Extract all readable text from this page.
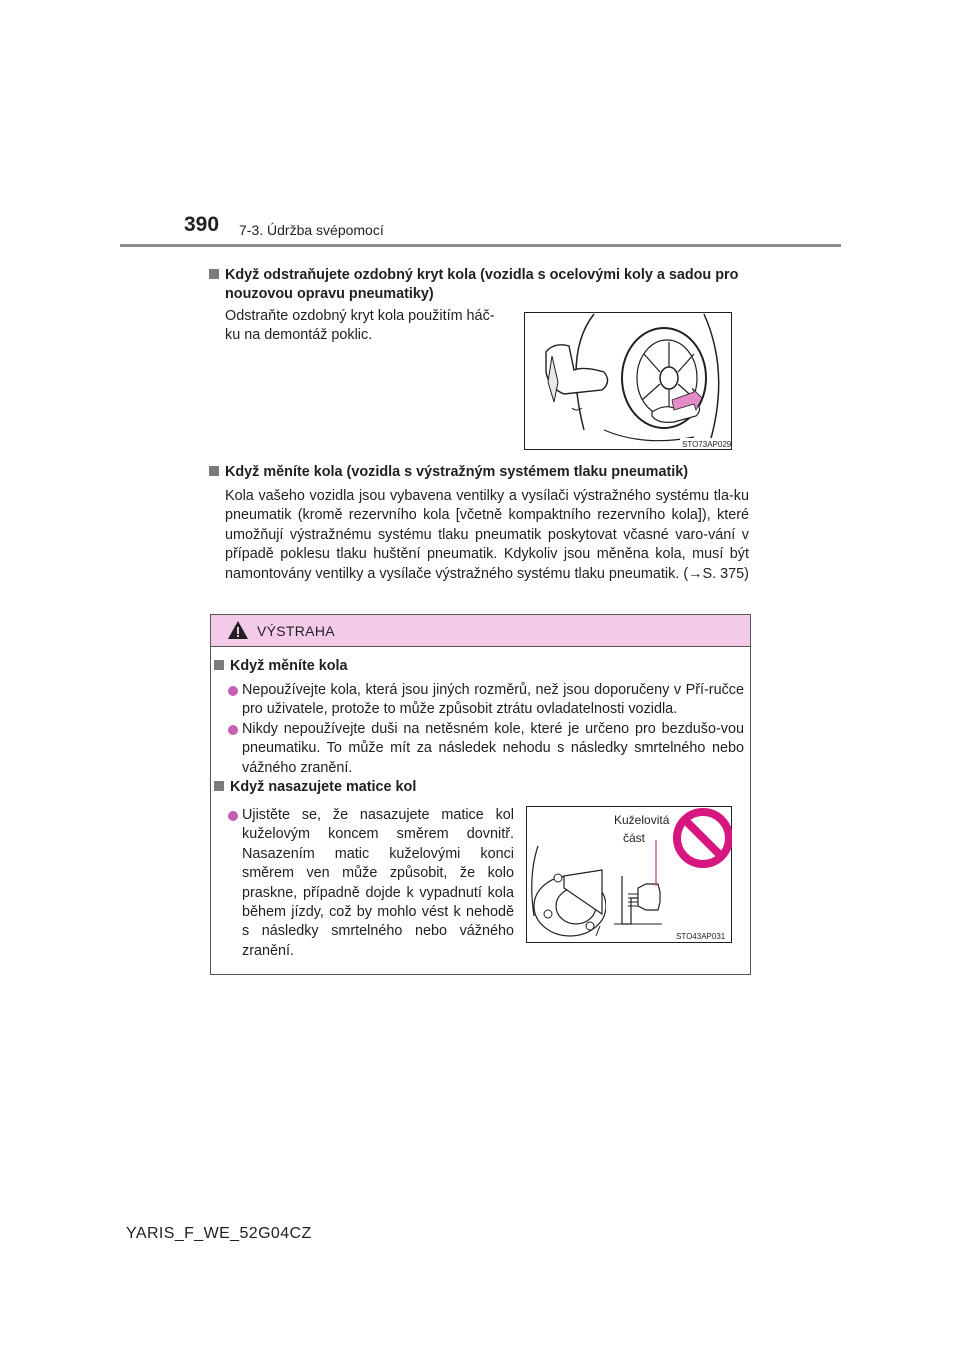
390 7-3. Údržba svépomocí
Když odstraňujete ozdobný kryt kola (vozidla s ocelovými koly a sadou pro nouzovou opravu pneumatiky)
Odstraňte ozdobný kryt kola použitím háč-ku na demontáž poklic.
STO73AP029
Když měníte kola (vozidla s výstražným systémem tlaku pneumatik)
Kola vašeho vozidla jsou vybavena ventilky a vysílači výstražného systému tla-ku pneumatik (kromě rezervního kola [včetně kompaktního rezervního kola]), které umožňují výstražnému systému tlaku pneumatik poskytovat včasné varo-vání v případě poklesu tlaku huštění pneumatik. Kdykoliv jsou měněna kola, musí být namontovány ventilky a vysílače výstražného systému tlaku pneumatik. (→S. 375)
VÝSTRAHA
Když měníte kola
Nepoužívejte kola, která jsou jiných rozměrů, než jsou doporučeny v Pří-ručce pro uživatele, protože to může způsobit ztrátu ovladatelnosti vozidla.
Nikdy nepoužívejte duši na netěsném kole, které je určeno pro bezdušo-vou pneumatiku. To může mít za následek nehodu s následky smrtelného nebo vážného zranění.
Když nasazujete matice kol
Ujistěte se, že nasazujete matice kol kuželovým koncem směrem dovnitř. Nasazením matic kuželovými konci směrem ven může způsobit, že kolo praskne, případně dojde k vypadnutí kola během jízdy, což by mohlo vést k nehodě s následky smrtelného nebo vážného zranění.
Kuželovitá
část
STO43AP031
YARIS_F_WE_52G04CZ
